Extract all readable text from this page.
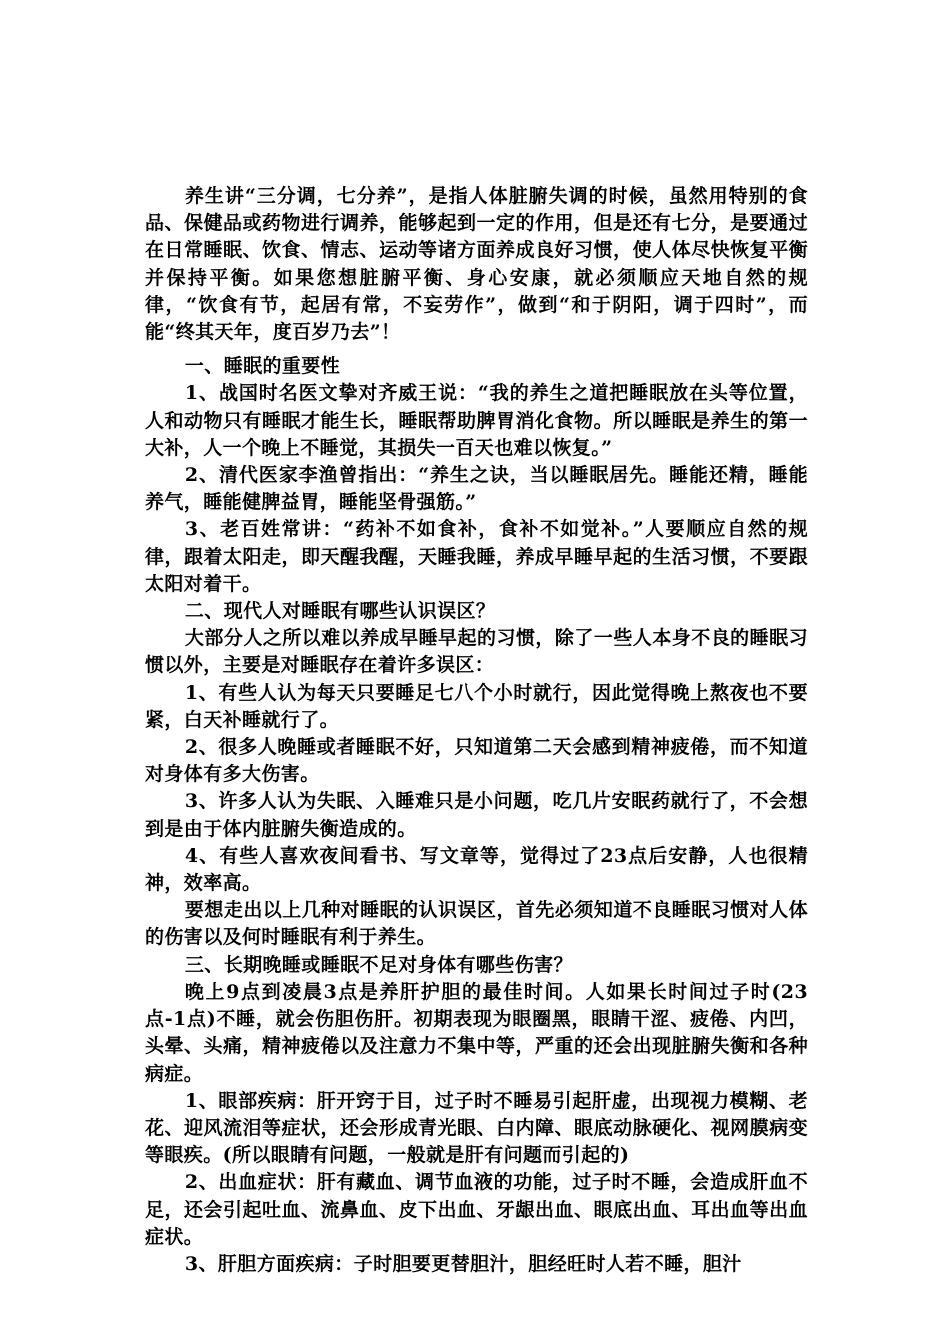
养生讲“三分调，七分养”，是指人体脏腑失调的时候，虽然用特别的食品、保健品或药物进行调养，能够起到一定的作用，但是还有七分，是要通过在日常睡眠、饮食、情志、运动等诸方面养成良好习惯，使人体尽快恢复平衡并保持平衡。如果您想脏腑平衡、身心安康，就必须顺应天地自然的规律，“饮食有节，起居有常，不妄劳作”，做到“和于阴阳，调于四时”，而能“终其天年，度百岁乃去”！

一、睡眠的重要性

1、战国时名医文挚对齐威王说：“我的养生之道把睡眠放在头等位置，人和动物只有睡眠才能生长，睡眠帮助脾胃消化食物。所以睡眠是养生的第一大补，人一个晚上不睡觉，其损失一百天也难以恢复。”

2、清代医家李渔曾指出：“养生之诀，当以睡眠居先。睡能还精，睡能养气，睡能健脾益胃，睡能坚骨强筋。”

3、老百姓常讲：“药补不如食补，食补不如觉补。”人要顺应自然的规律，跟着太阳走，即天醒我醒，天睡我睡，养成早睡早起的生活习惯，不要跟太阳对着干。

二、现代人对睡眠有哪些认识误区？

大部分人之所以难以养成早睡早起的习惯，除了一些人本身不良的睡眠习惯以外，主要是对睡眠存在着许多误区：

1、有些人认为每天只要睡足七八个小时就行，因此觉得晚上熬夜也不要紧，白天补睡就行了。

2、很多人晚睡或者睡眠不好，只知道第二天会感到精神疲倦，而不知道对身体有多大伤害。

3、许多人认为失眠、入睡难只是小问题，吃几片安眠药就行了，不会想到是由于体内脏腑失衡造成的。

4、有些人喜欢夜间看书、写文章等，觉得过了23点后安静，人也很精神，效率高。

要想走出以上几种对睡眠的认识误区，首先必须知道不良睡眠习惯对人体的伤害以及何时睡眠有利于养生。

三、长期晚睡或睡眠不足对身体有哪些伤害？

晚上9点到凌晨3点是养肝护胆的最佳时间。人如果长时间过子时(23点-1点)不睡，就会伤胆伤肝。初期表现为眼圈黑，眼睛干涩、疲倦、内凹，头晕、头痛，精神疲倦以及注意力不集中等，严重的还会出现脏腑失衡和各种病症。

1、眼部疾病：肝开窍于目，过子时不睡易引起肝虚，出现视力模糊、老花、迎风流泪等症状，还会形成青光眼、白内障、眼底动脉硬化、视网膜病变等眼疾。(所以眼睛有问题，一般就是肝有问题而引起的)

2、出血症状：肝有藏血、调节血液的功能，过子时不睡，会造成肝血不足，还会引起吐血、流鼻血、皮下出血、牙龈出血、眼底出血、耳出血等出血症状。

3、肝胆方面疾病：子时胆要更替胆汁，胆经旺时人若不睡，胆汁
